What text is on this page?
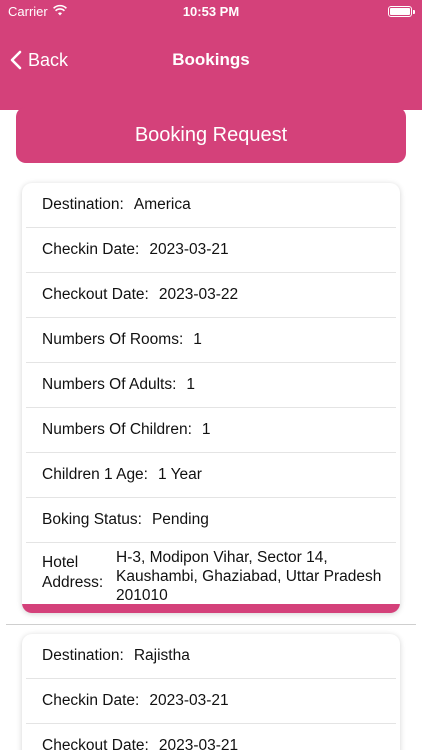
Carrier	10:53 PM
Back	Bookings
Booking Request
Destination: America
Checkin Date: 2023-03-21
Checkout Date: 2023-03-22
Numbers Of Rooms: 1
Numbers Of Adults: 1
Numbers Of Children: 1
Children 1 Age: 1 Year
Boking Status: Pending
Hotel Address:
H-3, Modipon Vihar, Sector 14, Kaushambi, Ghaziabad, Uttar Pradesh 201010
Destination: Rajistha
Checkin Date: 2023-03-21
Checkout Date: 2023-03-21
